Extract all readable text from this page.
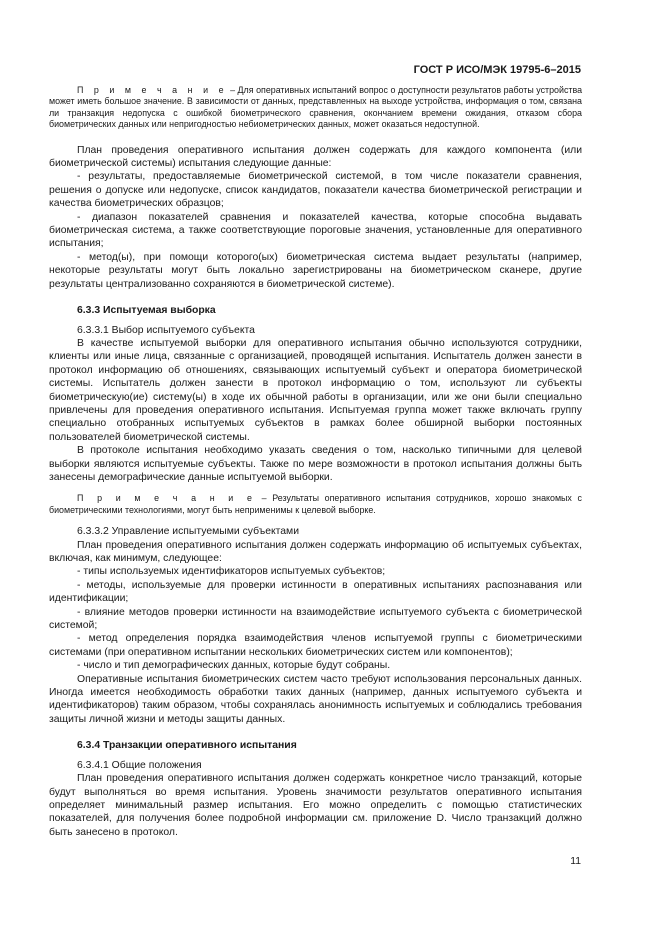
ГОСТ Р ИСО/МЭК 19795-6–2015

П р и м е ч а н и е – Для оперативных испытаний вопрос о доступности результатов работы устройства может иметь большое значение. В зависимости от данных, представленных на выходе устройства, информация о том, связана ли транзакция недопуска с ошибкой биометрического сравнения, окончанием времени ожидания, отказом сбора биометрических данных или непригодностью небиометрических данных, может оказаться недоступной.

План проведения оперативного испытания должен содержать для каждого компонента (или биометрической системы) испытания следующие данные:

- результаты, предоставляемые биометрической системой, в том числе показатели сравнения, решения о допуске или недопуске, список кандидатов, показатели качества биометрической регистрации и качества биометрических образцов;

- диапазон показателей сравнения и показателей качества, которые способна выдавать биометрическая система, а также соответствующие пороговые значения, установленные для оперативного испытания;

- метод(ы), при помощи которого(ых) биометрическая система выдает результаты (например, некоторые результаты могут быть локально зарегистрированы на биометрическом сканере, другие результаты централизованно сохраняются в биометрической системе).

6.3.3 Испытуемая выборка

6.3.3.1 Выбор испытуемого субъекта

В качестве испытуемой выборки для оперативного испытания обычно используются сотрудники, клиенты или иные лица, связанные с организацией, проводящей испытания. Испытатель должен занести в протокол информацию об отношениях, связывающих испытуемый субъект и оператора биометрической системы. Испытатель должен занести в протокол информацию о том, используют ли субъекты биометрическую(ие) систему(ы) в ходе их обычной работы в организации, или же они были специально привлечены для проведения оперативного испытания. Испытуемая группа может также включать группу специально отобранных испытуемых субъектов в рамках более обширной выборки постоянных пользователей биометрической системы.

В протоколе испытания необходимо указать сведения о том, насколько типичными для целевой выборки являются испытуемые субъекты. Также по мере возможности в протокол испытания должны быть занесены демографические данные испытуемой выборки.

П р и м е ч а н и е – Результаты оперативного испытания сотрудников, хорошо знакомых с биометрическими технологиями, могут быть неприменимы к целевой выборке.

6.3.3.2 Управление испытуемыми субъектами

План проведения оперативного испытания должен содержать информацию об испытуемых субъектах, включая, как минимум, следующее:

- типы используемых идентификаторов испытуемых субъектов;

- методы, используемые для проверки истинности в оперативных испытаниях распознавания или идентификации;

- влияние методов проверки истинности на взаимодействие испытуемого субъекта с биометрической системой;

- метод определения порядка взаимодействия членов испытуемой группы с биометрическими системами (при оперативном испытании нескольких биометрических систем или компонентов);

- число и тип демографических данных, которые будут собраны.

Оперативные испытания биометрических систем часто требуют использования персональных данных. Иногда имеется необходимость обработки таких данных (например, данных испытуемого субъекта и идентификаторов) таким образом, чтобы сохранялась анонимность испытуемых и соблюдались требования защиты личной жизни и методы защиты данных.

6.3.4 Транзакции оперативного испытания

6.3.4.1 Общие положения

План проведения оперативного испытания должен содержать конкретное число транзакций, которые будут выполняться во время испытания. Уровень значимости результатов оперативного испытания определяет минимальный размер испытания. Его можно определить с помощью статистических показателей, для получения более подробной информации см. приложение D. Число транзакций должно быть занесено в протокол.

11
